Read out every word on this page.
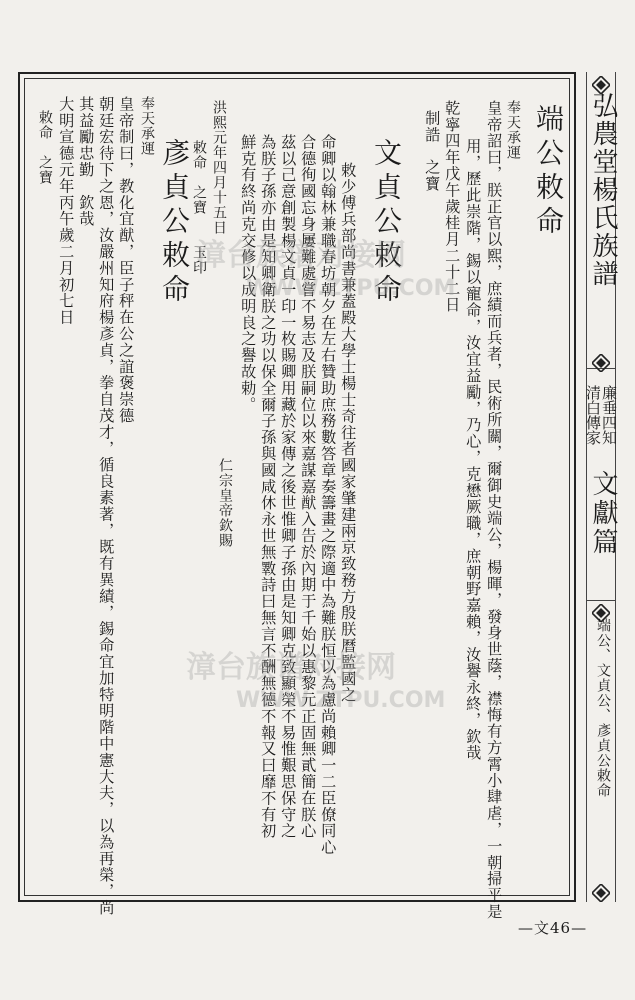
弘農堂楊氏族譜
廉垂四知
清白傳家
文獻篇
端公、文貞公、彥貞公敕命
端公敕命
奉天承運
皇帝詔曰，朕正官以熙，庶績而兵者，民術所關，爾御史端公，楊暉，發身世蔭，襟悔有方霄小肆虐，一朝掃平是
用，歷此崇階，錫以寵命，汝宜益勵，乃心，克懋厥職，庶朝野嘉賴，汝譽永終，欽哉
乾寧四年戊午歲桂月二十二日
制誥　之寶
文貞公敕命
敕少傅兵部尚書兼蓋殿大學士楊士奇往者國家肇建兩京致務方殷朕曆監國之
命卿以翰林兼職春坊朝夕在左右贊助庶務數答章奏籌畫之際適中為難朕恒以為慮尚賴卿一二臣僚同心
合德徇國忘身屢難處嘗不易志及朕嗣位以來嘉謀嘉猷入告於內期于千始以惠黎元正固無貳簡在朕心
茲以己意創製楊文貞一印一枚賜卿用藏於家傳之後世惟卿子孫由是知卿克致顯榮不易惟艱思保守之
為朕子孫亦由是知卿衛朕之功以保全爾子孫與國咸休永世無斁詩曰無言不酬無德不報又曰靡不有初
鮮克有終尚克交修以成明良之譽故勅。
仁宗皇帝欽賜
洪熙元年四月十五日
敕命　之寶　　玉印
彥貞公敕命
奉天承運
皇帝制曰，教化宜猷，臣子秤在公之誼褒崇德
朝廷宏待下之恩，汝嚴州知府楊彥貞，拳自茂才，循良素著，既有異績，錫命宜加特明階中憲大夫，以為再榮，尚
其益勵忠勤　欽哉
大明宣德元年丙午歲二月初七日
敕命　之寶
漳台族谱对接网
WWW.ZTPU.COM
漳台族谱对接网
WWW.ZTPU.COM
—文46—
